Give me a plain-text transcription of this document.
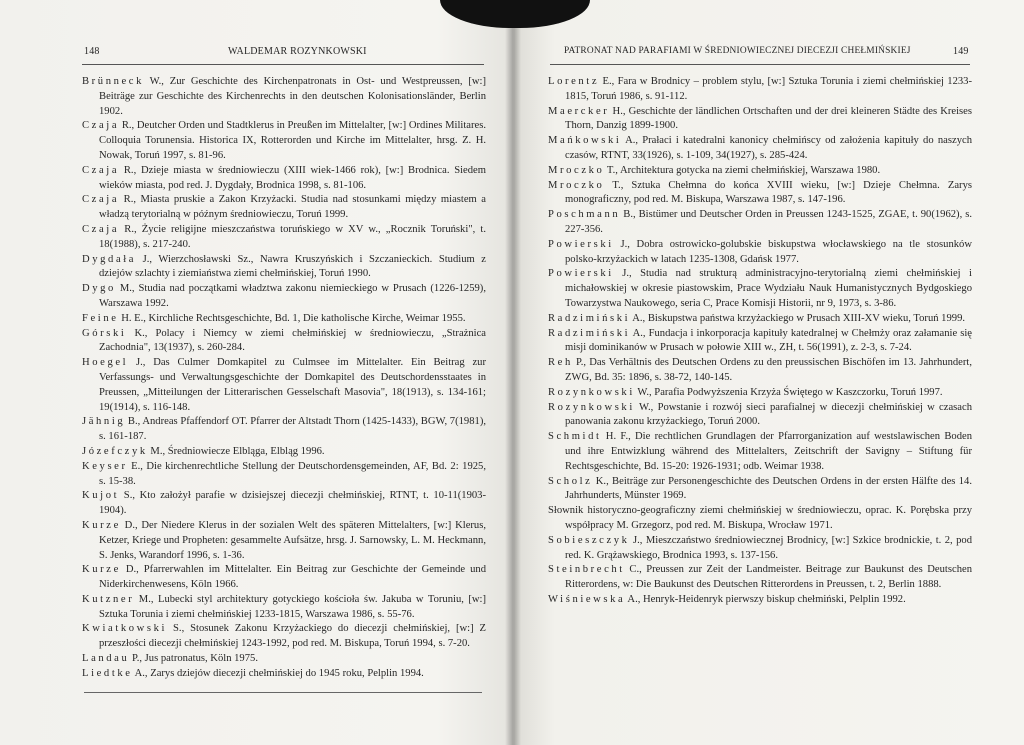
148	WALDEMAR ROZYNKOWSKI

Brünneck W., Zur Geschichte des Kirchenpatronats in Ost- und Westpreussen, [w:] Beiträge zur Geschichte des Kirchenrechts in den deutschen Kolonisationsländer, Berlin 1902.

Czaja R., Deutcher Orden und Stadtklerus in Preußen im Mittelalter, [w:] Ordines Militares. Colloquia Torunensia. Historica IX, Rotterorden und Kirche im Mittelalter, hrsg. Z. H. Nowak, Toruń 1997, s. 81-96.

Czaja R., Dzieje miasta w średniowieczu (XIII wiek-1466 rok), [w:] Brodnica. Siedem wieków miasta, pod red. J. Dygdały, Brodnica 1998, s. 81-106.

Czaja R., Miasta pruskie a Zakon Krzyżacki. Studia nad stosunkami między miastem a władzą terytorialną w późnym średniowieczu, Toruń 1999.

Czaja R., Życie religijne mieszczaństwa toruńskiego w XV w., „Rocznik Toruński", t. 18(1988), s. 217-240.

Dygdała J., Wierzchosławski Sz., Nawra Kruszyńskich i Szczanieckich. Studium z dziejów szlachty i ziemiaństwa ziemi chełmińskiej, Toruń 1990.

Dygo M., Studia nad początkami władztwa zakonu niemieckiego w Prusach (1226-1259), Warszawa 1992.

Feine H. E., Kirchliche Rechtsgeschichte, Bd. 1, Die katholische Kirche, Weimar 1955.

Górski K., Polacy i Niemcy w ziemi chełmińskiej w średniowieczu, „Strażnica Zachodnia", 13(1937), s. 260-284.

Hoegel J., Das Culmer Domkapitel zu Culmsee im Mittelalter. Ein Beitrag zur Verfassungs- und Verwaltungsgeschichte der Domkapitel des Deutschordensstaates in Preussen, „Mitteilungen der Litterarischen Gesselschaft Masovia", 18(1913), s. 134-161; 19(1914), s. 116-148.

Jähnig B., Andreas Pfaffendorf OT. Pfarrer der Altstadt Thorn (1425-1433), BGW, 7(1981), s. 161-187.

Józefczyk M., Średniowiecze Elbląga, Elbląg 1996.

Keyser E., Die kirchenrechtliche Stellung der Deutschordensgemeinden, AF, Bd. 2: 1925, s. 15-38.

Kujot S., Kto założył parafie w dzisiejszej diecezji chełmińskiej, RTNT, t. 10-11(1903-1904).

Kurze D., Der Niedere Klerus in der sozialen Welt des späteren Mittelalters, [w:] Klerus, Ketzer, Kriege und Propheten: gesammelte Aufsätze, hrsg. J. Sarnowsky, L. M. Heckmann, S. Jenks, Warandorf 1996, s. 1-36.

Kurze D., Pfarrerwahlen im Mittelalter. Ein Beitrag zur Geschichte der Gemeinde und Niderkirchenwesens, Köln 1966.

Kutzner M., Lubecki styl architektury gotyckiego kościoła św. Jakuba w Toruniu, [w:] Sztuka Torunia i ziemi chełmińskiej 1233-1815, Warszawa 1986, s. 55-76.

Kwiatkowski S., Stosunek Zakonu Krzyżackiego do diecezji chełmińskiej, [w:] Z przeszłości diecezji chełmińskiej 1243-1992, pod red. M. Biskupa, Toruń 1994, s. 7-20.

Landau P., Jus patronatus, Köln 1975.

Liedtke A., Zarys dziejów diecezji chełmińskiej do 1945 roku, Pelplin 1994.

PATRONAT NAD PARAFIAMI W ŚREDNIOWIECZNEJ DIECEZJI CHEŁMIŃSKIEJ	149

Lorentz E., Fara w Brodnicy – problem stylu, [w:] Sztuka Torunia i ziemi chełmińskiej 1233-1815, Toruń 1986, s. 91-112.

Maercker H., Geschichte der ländlichen Ortschaften und der drei kleineren Städte des Kreises Thorn, Danzig 1899-1900.

Mańkowski A., Prałaci i katedralni kanonicy chełmińscy od założenia kapituły do naszych czasów, RTNT, 33(1926), s. 1-109, 34(1927), s. 285-424.

Mroczko T., Architektura gotycka na ziemi chełmińskiej, Warszawa 1980.

Mroczko T., Sztuka Chełmna do końca XVIII wieku, [w:] Dzieje Chełmna. Zarys monograficzny, pod red. M. Biskupa, Warszawa 1987, s. 147-196.

Poschmann B., Bistümer und Deutscher Orden in Preussen 1243-1525, ZGAE, t. 90(1962), s. 227-356.

Powierski J., Dobra ostrowicko-golubskie biskupstwa włocławskiego na tle stosunków polsko-krzyżackich w latach 1235-1308, Gdańsk 1977.

Powierski J., Studia nad strukturą administracyjno-terytorialną ziemi chełmińskiej i michałowskiej w okresie piastowskim, Prace Wydziału Nauk Humanistycznych Bydgoskiego Towarzystwa Naukowego, seria C, Prace Komisji Historii, nr 9, 1973, s. 3-86.

Radzimiński A., Biskupstwa państwa krzyżackiego w Prusach XIII-XV wieku, Toruń 1999.

Radzimiński A., Fundacja i inkorporacja kapituły katedralnej w Chełmży oraz załamanie się misji dominikanów w Prusach w połowie XIII w., ZH, t. 56(1991), z. 2-3, s. 7-24.

Reh P., Das Verhältnis des Deutschen Ordens zu den preussischen Bischöfen im 13. Jahrhundert, ZWG, Bd. 35: 1896, s. 38-72, 140-145.

Rozynkowski W., Parafia Podwyższenia Krzyża Świętego w Kaszczorku, Toruń 1997.

Rozynkowski W., Powstanie i rozwój sieci parafialnej w diecezji chełmińskiej w czasach panowania zakonu krzyżackiego, Toruń 2000.

Schmidt H. F., Die rechtlichen Grundlagen der Pfarrorganization auf westslawischen Boden und ihre Entwizklung während des Mittelalters, Zeitschrift der Savigny – Stiftung für Rechtsgeschichte, Bd. 15-20: 1926-1931; odb. Weimar 1938.

Scholz K., Beiträge zur Personengeschichte des Deutschen Ordens in der ersten Hälfte des 14. Jahrhunderts, Münster 1969.

Słownik historyczno-geograficzny ziemi chełmińskiej w średniowieczu, oprac. K. Porębska przy współpracy M. Grzegorz, pod red. M. Biskupa, Wrocław 1971.

Sobieszczyk J., Mieszczaństwo średniowiecznej Brodnicy, [w:] Szkice brodnickie, t. 2, pod red. K. Grążawskiego, Brodnica 1993, s. 137-156.

Steinbrecht C., Preussen zur Zeit der Landmeister. Beitrage zur Baukunst des Deutschen Ritterordens, w: Die Baukunst des Deutschen Ritterordens in Preussen, t. 2, Berlin 1888.

Wiśniewska A., Henryk-Heidenryk pierwszy biskup chełmiński, Pelplin 1992.
